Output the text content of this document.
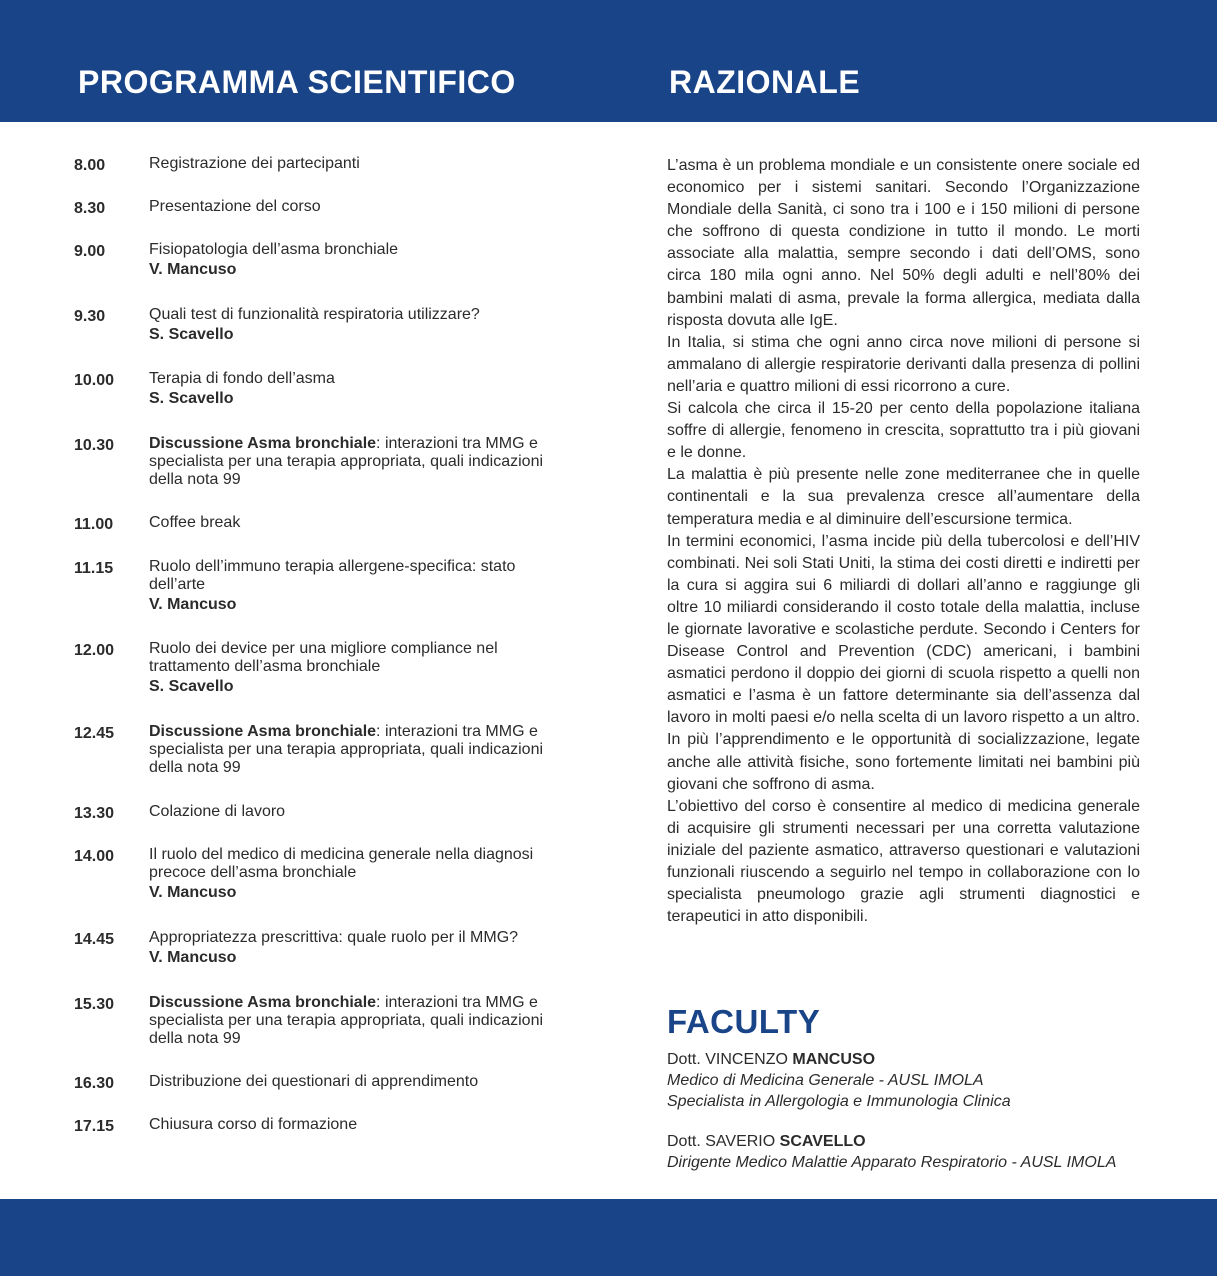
PROGRAMMA SCIENTIFICO	RAZIONALE
8.00	Registrazione dei partecipanti
8.30	Presentazione del corso
9.00	Fisiopatologia dell’asma bronchiale
V. Mancuso
9.30	Quali test di funzionalità respiratoria utilizzare?
S. Scavello
10.00 Terapia di fondo dell’asma
S. Scavello
10.30 Discussione Asma bronchiale: interazioni tra MMG e specialista per una terapia appropriata, quali indicazioni della nota 99
11.00 Coffee break
11.15 Ruolo dell’immuno terapia allergene-specifica: stato dell’arte
V. Mancuso
12.00 Ruolo dei device per una migliore compliance nel trattamento dell’asma bronchiale
S. Scavello
12.45 Discussione Asma bronchiale: interazioni tra MMG e specialista per una terapia appropriata, quali indicazioni della nota 99
13.30 Colazione di lavoro
14.00 Il ruolo del medico di medicina generale nella diagnosi precoce dell’asma bronchiale
V. Mancuso
14.45 Appropriatezza prescrittiva: quale ruolo per il MMG?
V. Mancuso
15.30 Discussione Asma bronchiale: interazioni tra MMG e specialista per una terapia appropriata, quali indicazioni della nota 99
16.30 Distribuzione dei questionari di apprendimento
17.15 Chiusura corso di formazione

L’asma è un problema mondiale e un consistente onere sociale ed economico per i sistemi sanitari. Secondo l’Organizzazione Mondiale della Sanità, ci sono tra i 100 e i 150 milioni di persone che soffrono di questa condizione in tutto il mondo. Le morti associate alla malattia, sempre secondo i dati dell’OMS, sono circa 180 mila ogni anno. Nel 50% degli adulti e nell’80% dei bambini malati di asma, prevale la forma allergica, mediata dalla risposta dovuta alle IgE.

In Italia, si stima che ogni anno circa nove milioni di persone si ammalano di allergie respiratorie derivanti dalla presenza di pollini nell’aria e quattro milioni di essi ricorrono a cure.

Si calcola che circa il 15-20 per cento della popolazione italiana soffre di allergie, fenomeno in crescita, soprattutto tra i più giovani e le donne.

La malattia è più presente nelle zone mediterranee che in quelle continentali e la sua prevalenza cresce all’aumentare della temperatura media e al diminuire dell’escursione termica.

In termini economici, l’asma incide più della tubercolosi e dell’HIV combinati. Nei soli Stati Uniti, la stima dei costi diretti e indiretti per la cura si aggira sui 6 miliardi di dollari all’anno e raggiunge gli oltre 10 miliardi considerando il costo totale della malattia, incluse le giornate lavorative e scolastiche perdute. Secondo i Centers for Disease Control and Prevention (CDC) americani, i bambini asmatici perdono il doppio dei giorni di scuola rispetto a quelli non asmatici e l’asma è un fattore determinante sia dell’assenza dal lavoro in molti paesi e/o nella scelta di un lavoro rispetto a un altro. In più l’apprendimento e le opportunità di socializzazione, legate anche alle attività fisiche, sono fortemente limitati nei bambini più giovani che soffrono di asma.

L’obiettivo del corso è consentire al medico di medicina generale di acquisire gli strumenti necessari per una corretta valutazione iniziale del paziente asmatico, attraverso questionari e valutazioni funzionali riuscendo a seguirlo nel tempo in collaborazione con lo specialista pneumologo grazie agli strumenti diagnostici e terapeutici in atto disponibili.

FACULTY
Dott. VINCENZO MANCUSO
Medico di Medicina Generale - AUSL IMOLA
Specialista in Allergologia e Immunologia Clinica
Dott. SAVERIO SCAVELLO
Dirigente Medico Malattie Apparato Respiratorio - AUSL IMOLA
